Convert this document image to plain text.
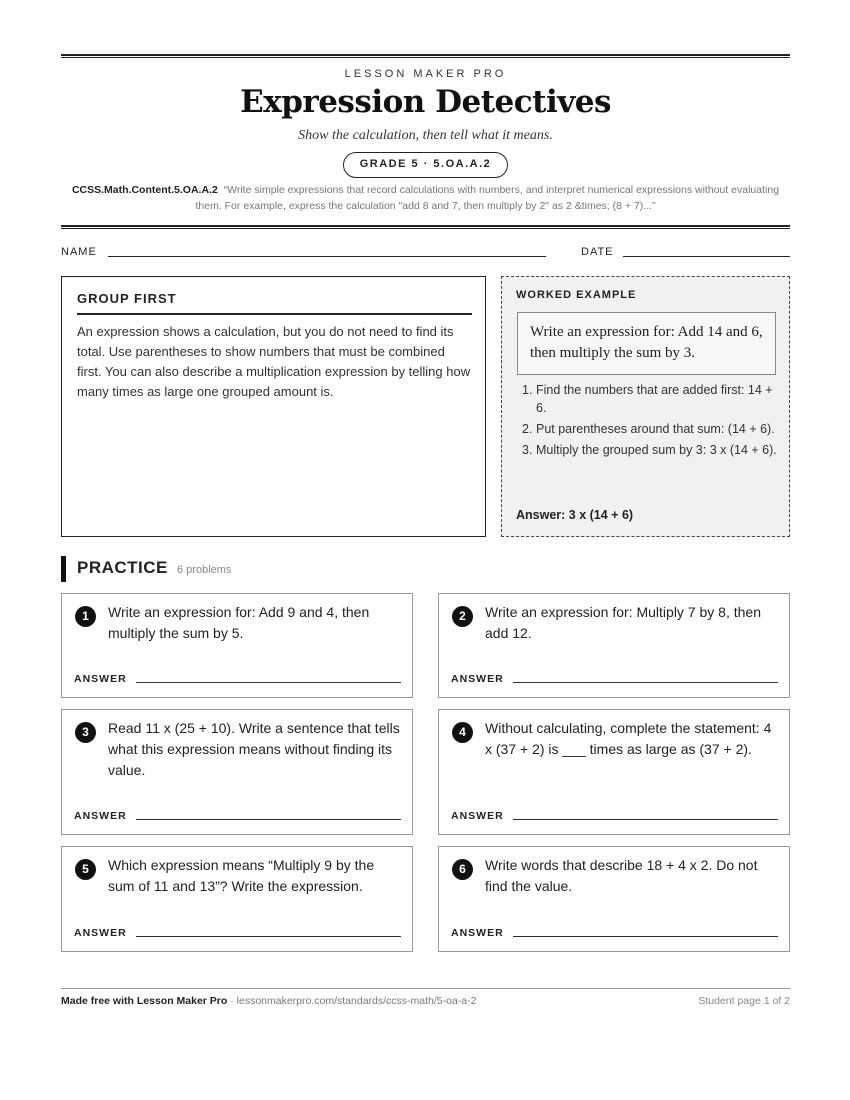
LESSON MAKER PRO
Expression Detectives
Show the calculation, then tell what it means.
GRADE 5 · 5.OA.A.2
CCSS.Math.Content.5.OA.A.2 “Write simple expressions that record calculations with numbers, and interpret numerical expressions without evaluating them. For example, express the calculation "add 8 and 7, then multiply by 2" as 2 &times; (8 + 7)...”
NAME	DATE
GROUP FIRST
An expression shows a calculation, but you do not need to find its total. Use parentheses to show numbers that must be combined first. You can also describe a multiplication expression by telling how many times as large one grouped amount is.
WORKED EXAMPLE
Write an expression for: Add 14 and 6, then multiply the sum by 3.
1. Find the numbers that are added first: 14 + 6.
2. Put parentheses around that sum: (14 + 6).
3. Multiply the grouped sum by 3: 3 x (14 + 6).
Answer: 3 x (14 + 6)
PRACTICE 6 problems
1	Write an expression for: Add 9 and 4, then multiply the sum by 5.
ANSWER
2	Write an expression for: Multiply 7 by 8, then add 12.
ANSWER
3	Read 11 x (25 + 10). Write a sentence that tells what this expression means without finding its value.
ANSWER
4	Without calculating, complete the statement: 4 x (37 + 2) is ___ times as large as (37 + 2).
ANSWER
5	Which expression means “Multiply 9 by the sum of 11 and 13”? Write the expression.
ANSWER
6	Write words that describe 18 + 4 x 2. Do not find the value.
ANSWER
Made free with Lesson Maker Pro · lessonmakerpro.com/standards/ccss-math/5-oa-a-2	Student page 1 of 2
